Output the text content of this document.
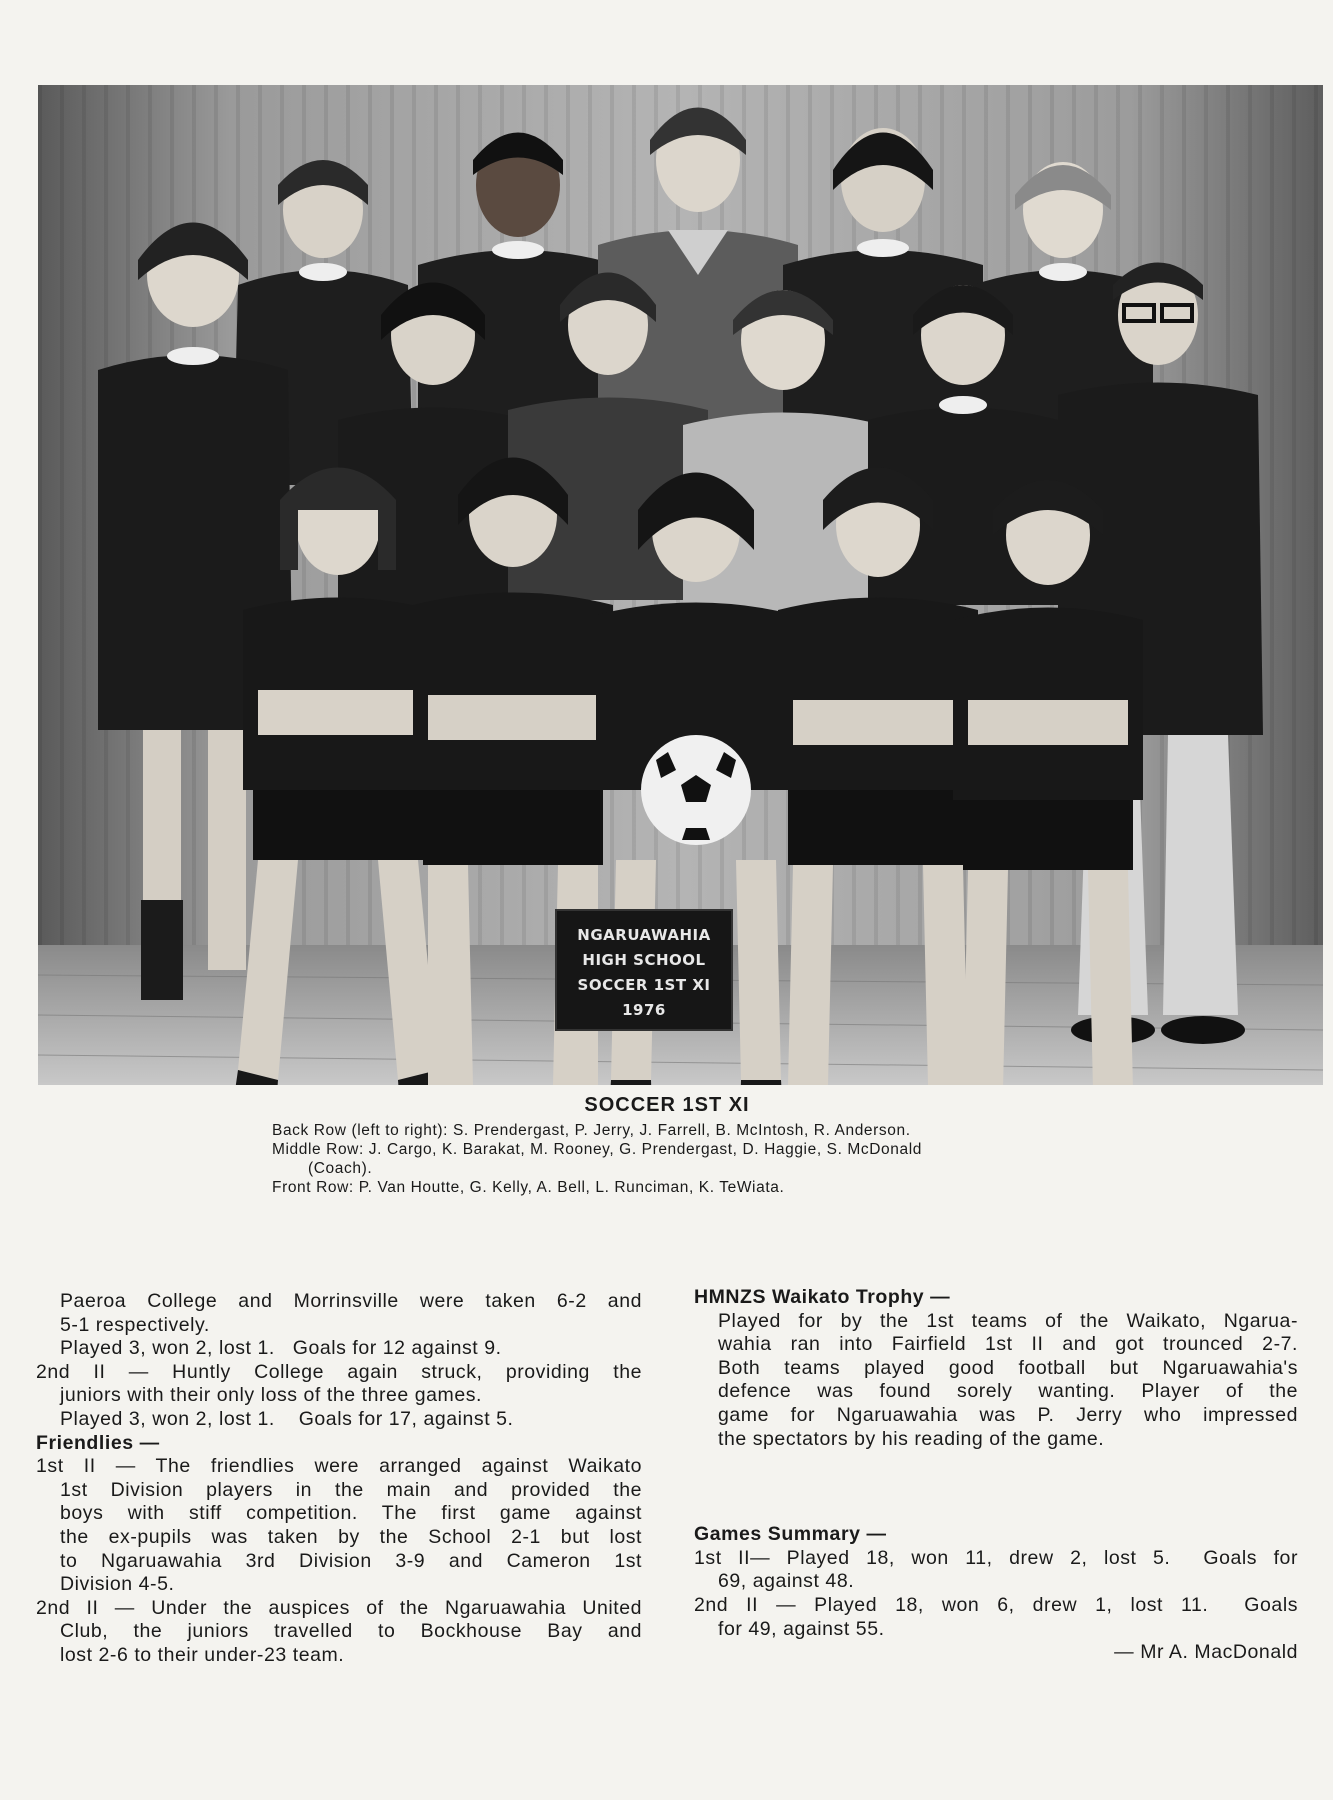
NGARUAWAHIA
HIGH SCHOOL
SOCCER 1ST XI
1976
SOCCER 1ST XI
Back Row (left to right): S. Prendergast, P. Jerry, J. Farrell, B. McIntosh, R. Anderson.
Middle Row: J. Cargo, K. Barakat, M. Rooney, G. Prendergast, D. Haggie, S. McDonald
(Coach).
Front Row: P. Van Houtte, G. Kelly, A. Bell, L. Runciman, K. TeWiata.

Paeroa College and Morrinsville were taken 6-2 and

5-1 respectively.

Played 3, won 2, lost 1.   Goals for 12 against 9.

2nd II — Huntly College again struck, providing the

juniors with their only loss of the three games.

Played 3, won 2, lost 1.    Goals for 17, against 5.

Friendlies —

1st II — The friendlies were arranged against Waikato

1st Division players in the main and provided the

boys with stiff competition. The first game against

the ex-pupils was taken by the School 2-1 but lost

to Ngaruawahia 3rd Division 3-9 and Cameron 1st

Division 4-5.

2nd II — Under the auspices of the Ngaruawahia United

Club, the juniors travelled to Bockhouse Bay and

lost 2-6 to their under-23 team.

HMNZS Waikato Trophy —

Played for by the 1st teams of the Waikato, Ngarua-

wahia ran into Fairfield 1st II and got trounced 2-7.

Both teams played good football but Ngaruawahia's

defence was found sorely wanting. Player of the

game for Ngaruawahia was P. Jerry who impressed

the spectators by his reading of the game.

Games Summary —

1st II— Played 18, won 11, drew 2, lost 5.  Goals for

69, against 48.

2nd II — Played 18, won 6, drew 1, lost 11.  Goals

for 49, against 55.

— Mr A. MacDonald
